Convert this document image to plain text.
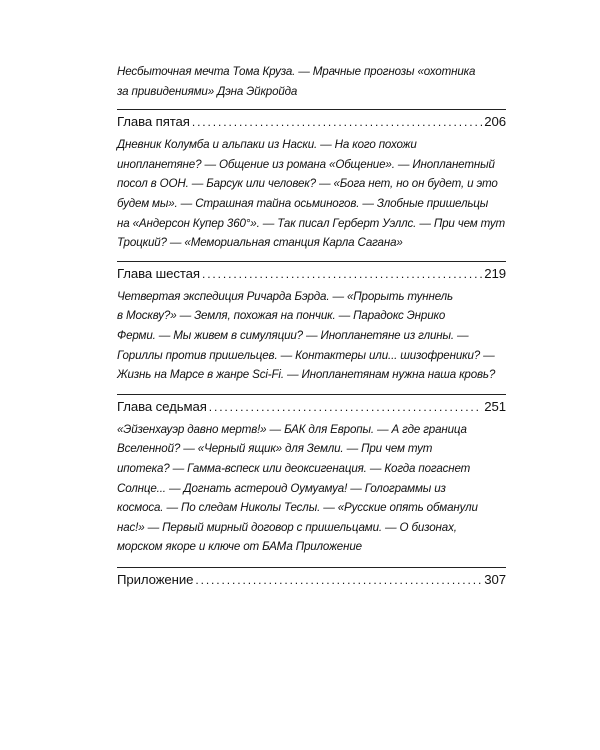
Несбыточная мечта Тома Круза. — Мрачные прогнозы «охотника
за привидениями» Дэна Эйкройда
Глава пятая .....	206
Дневник Колумба и альпаки из Наски. — На кого похожи
инопланетяне? — Общение из романа «Общение». — Инопланетный
посол в ООН. — Барсук или человек? — «Бога нет, но он будет, и это
будем мы». — Страшная тайна осьминогов. — Злобные пришельцы
на «Андерсон Купер 360°». — Так писал Герберт Уэллс. — При чем тут
Троцкий? — «Мемориальная станция Карла Сагана»
Глава шестая .....	219
Четвертая экспедиция Ричарда Бэрда. — «Прорыть туннель
в Москву?» — Земля, похожая на пончик. — Парадокс Энрико
Ферми. — Мы живем в симуляции? — Инопланетяне из глины. —
Гориллы против пришельцев. — Контактеры или... шизофреники? —
Жизнь на Марсе в жанре Sci-Fi. — Инопланетянам нужна наша кровь?
Глава седьмая .....	251
«Эйзенхауэр давно мертв!» — БАК для Европы. — А где граница
Вселенной? — «Черный ящик» для Земли. — При чем тут
ипотека? — Гамма-вспеск или деоксигенация. — Когда погаснет
Солнце... — Догнать астероид Оумуамуа! — Голограммы из
космоса. — По следам Николы Теслы. — «Русские опять обманули
нас!» — Первый мирный договор с пришельцами. — О бизонах,
морском якоре и ключе от БАМа Приложение
Приложение .....	307
